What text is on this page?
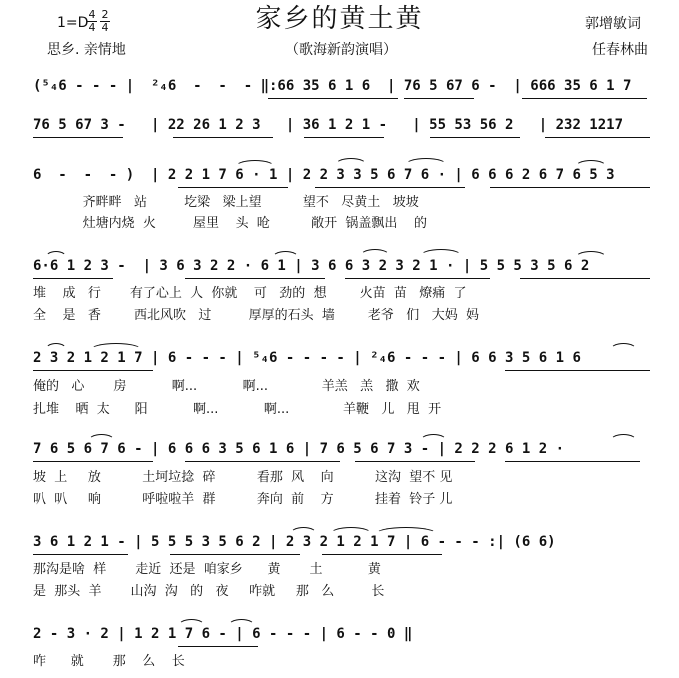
家乡的黄土黄
1=D
4
4
2
4
思乡. 亲情地	（歌海新韵演唱）
郭增敏词
任春林曲
(⁵₄6 - - - |  ²₄6  -  -  - ‖:66 35 6 1 6  | 76 5 67 6 -  | 666 35 6 1 7
76 5 67 3 -   | 22 26 1 2 3   | 36 1 2 1 -   | 55 53 56 2   | 232 1217
6  -  -  - )  | 2 2 1 7 6 · 1 | 2 2 3 3 5 6 7 6 · | 6 6 6 2 6 7 6 5 3
齐畔畔   站         圪梁   梁上望          望不   尽黄土   坡坡
灶塘内烧  火         屋里    头  呛          敞开  锅盖飘出    的
6·6 1 2 3 -  | 3 6 3 2 2 · 6 1 | 3 6 6 3 2 3 2 1 · | 5 5 5 3 5 6 2
堆    成   行       有了心上  人  你就    可   劲的  想        火苗  苗   燎痛  了
全    是   香        西北风吹   过         厚厚的石头  墙        老爷   们   大妈  妈
2 3 2 1 2 1 7 | 6 - - - | ⁵₄6 - - - - | ²₄6 - - - | 6 6 3 5 6 1 6
俺的   心       房           啊...           啊...             羊羔   羔   撒  欢
扎堆    晒  太      阳           啊...           啊...             羊鞭   儿   甩  开
7 6 5 6 7 6 - | 6 6 6 3 5 6 1 6 | 7 6 5 6 7 3 - | 2 2 2 6 1 2 ·
坡  上     放          土坷垃捻  碎          看那  风    向          这沟  望不 见
叭  叭     响          呼啦啦羊  群          奔向  前    方          挂着  铃子 儿
3 6 1 2 1 - | 5 5 5 3 5 6 2 | 2 3 2 1 2 1 7 | 6 - - - :| (6 6)
那沟是啥  样       走近  还是  咱家乡      黄       土           黄
是  那头  羊       山沟  沟   的   夜     咋就     那   么         长
2 - 3 · 2 | 1 2 1 7 6 - | 6 - - - | 6 - - 0 ‖
咋      就       那    么    长
